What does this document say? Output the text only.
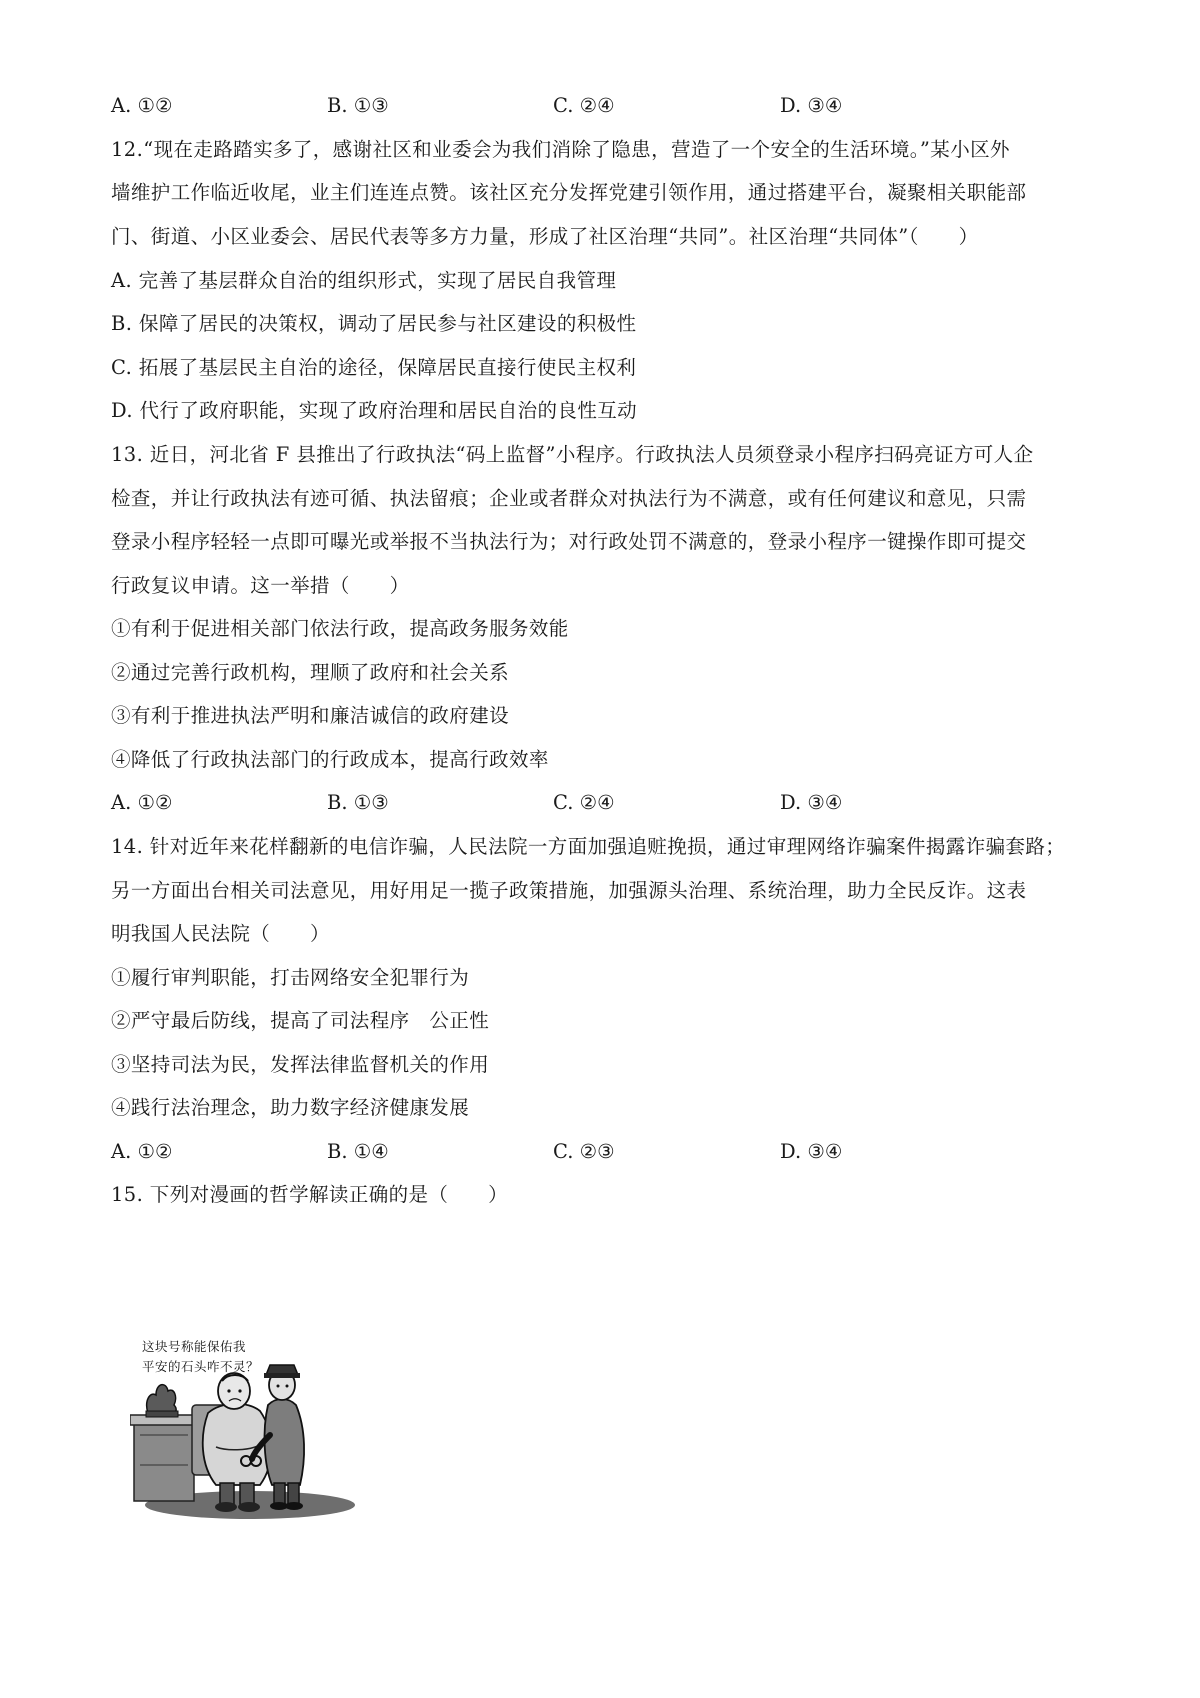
A. ①②	B. ①③	C. ②④	D. ③④
12.“现在走路踏实多了，感谢社区和业委会为我们消除了隐患，营造了一个安全的生活环境。”某小区外
墙维护工作临近收尾，业主们连连点赞。该社区充分发挥党建引领作用，通过搭建平台，凝聚相关职能部
门、街道、小区业委会、居民代表等多方力量，形成了社区治理“共同”。社区治理“共同体”（　　）
A. 完善了基层群众自治的组织形式，实现了居民自我管理
B. 保障了居民的决策权，调动了居民参与社区建设的积极性
C. 拓展了基层民主自治的途径，保障居民直接行使民主权利
D. 代行了政府职能，实现了政府治理和居民自治的良性互动
13. 近日，河北省 F 县推出了行政执法“码上监督”小程序。行政执法人员须登录小程序扫码亮证方可人企
检查，并让行政执法有迹可循、执法留痕；企业或者群众对执法行为不满意，或有任何建议和意见，只需
登录小程序轻轻一点即可曝光或举报不当执法行为；对行政处罚不满意的，登录小程序一键操作即可提交
行政复议申请。这一举措（　　）
①有利于促进相关部门依法行政，提高政务服务效能
②通过完善行政机构，理顺了政府和社会关系
③有利于推进执法严明和廉洁诚信的政府建设
④降低了行政执法部门的行政成本，提高行政效率
A. ①②	B. ①③	C. ②④	D. ③④
14. 针对近年来花样翻新的电信诈骗，人民法院一方面加强追赃挽损，通过审理网络诈骗案件揭露诈骗套路；
另一方面出台相关司法意见，用好用足一揽子政策措施，加强源头治理、系统治理，助力全民反诈。这表
明我国人民法院（　　）
①履行审判职能，打击网络安全犯罪行为
②严守最后防线，提高了司法程序　公正性
③坚持司法为民，发挥法律监督机关的作用
④践行法治理念，助力数字经济健康发展
A. ①②	B. ①④	C. ②③	D. ③④
15. 下列对漫画的哲学解读正确的是（　　）
这块号称能保佑我
平安的石头咋不灵？
